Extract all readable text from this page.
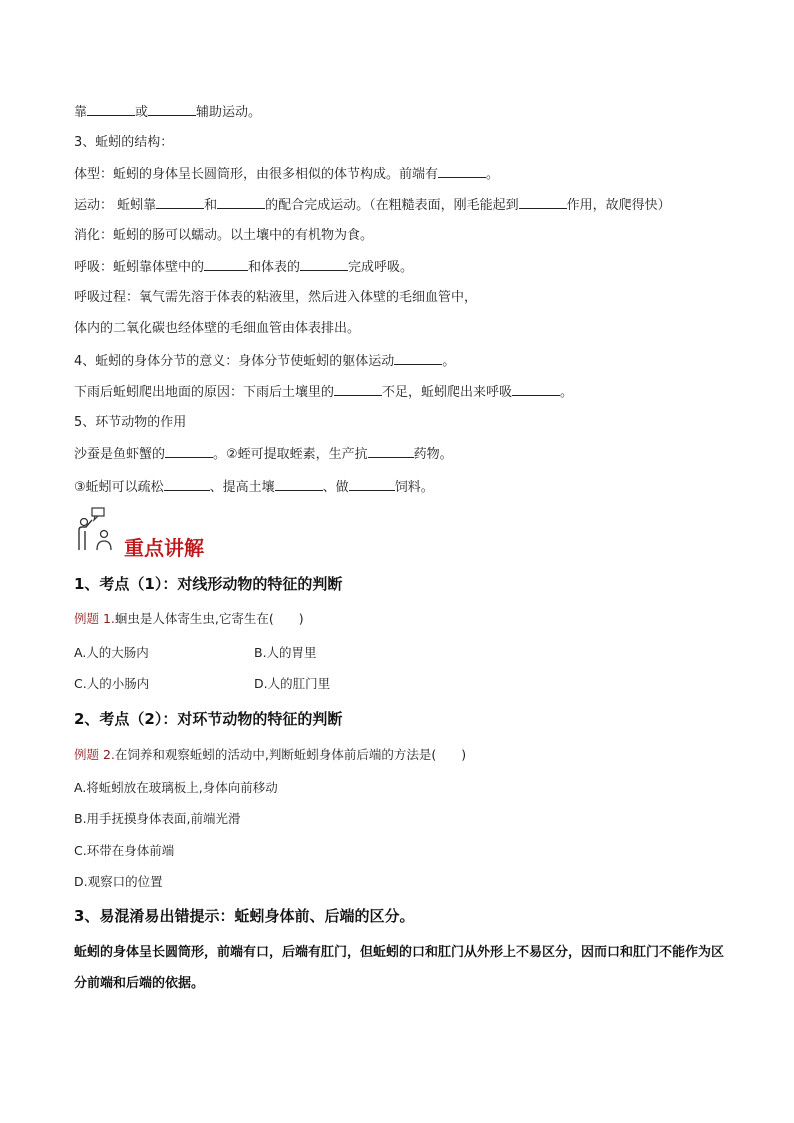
靠	或	辅助运动。
3、蚯蚓的结构：
体型：蚯蚓的身体呈长圆筒形，由很多相似的体节构成。前端有	。
运动： 蚯蚓靠	和	的配合完成运动。（在粗糙表面，刚毛能起到	作用，故爬得快）
消化：蚯蚓的肠可以蠕动。以土壤中的有机物为食。
呼吸：蚯蚓靠体壁中的	和体表的	完成呼吸。
呼吸过程：氧气需先溶于体表的粘液里，然后进入体壁的毛细血管中，
体内的二氧化碳也经体壁的毛细血管由体表排出。
4、蚯蚓的身体分节的意义：身体分节使蚯蚓的躯体运动	。
下雨后蚯蚓爬出地面的原因：下雨后土壤里的	不足，蚯蚓爬出来呼吸	。
5、环节动物的作用
沙蚕是鱼虾蟹的	。②蛭可提取蛭素，生产抗	药物。
③蚯蚓可以疏松	、提高土壤	、做	饲料。
重点讲解
1、考点（1）：对线形动物的特征的判断
例题 1.蛔虫是人体寄生虫,它寄生在(　　)
A.人的大肠内	B.人的胃里
C.人的小肠内	D.人的肛门里
2、考点（2）：对环节动物的特征的判断
例题 2.在饲养和观察蚯蚓的活动中,判断蚯蚓身体前后端的方法是(　　)
A.将蚯蚓放在玻璃板上,身体向前移动
B.用手抚摸身体表面,前端光滑
C.环带在身体前端
D.观察口的位置
3、易混淆易出错提示：蚯蚓身体前、后端的区分。
蚯蚓的身体呈长圆筒形，前端有口，后端有肛门，但蚯蚓的口和肛门从外形上不易区分，因而口和肛门不能作为区分前端和后端的依据。
